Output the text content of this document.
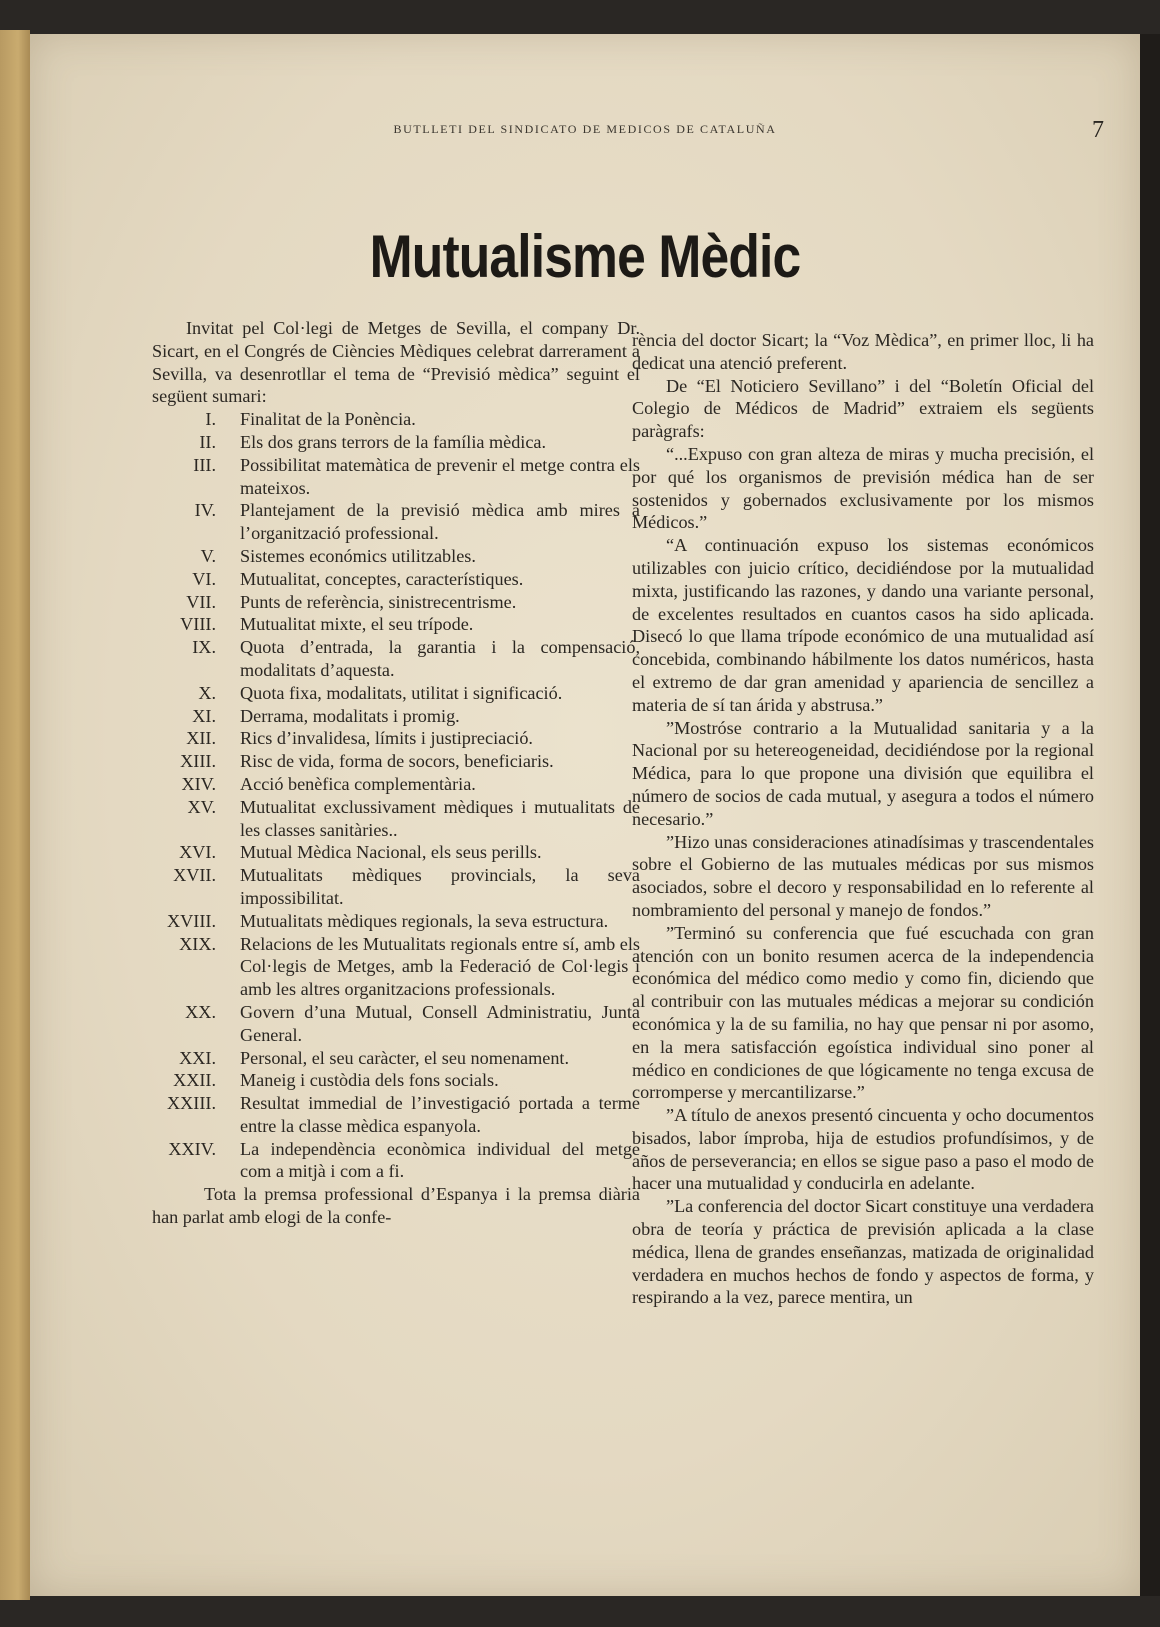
BUTLLETI DEL SINDICATO DE MEDICOS DE CATALUÑA	7
Mutualisme Mèdic

Invitat pel Col·legi de Metges de Sevilla, el company Dr. Sicart, en el Congrés de Ciències Mèdiques celebrat darrerament a Sevilla, va desenrotllar el tema de “Previsió mèdica” seguint el següent sumari:

I.	Finalitat de la Ponència.
II.	Els dos grans terrors de la família mèdica.
III.	Possibilitat matemàtica de prevenir el metge contra els mateixos.
IV.	Plantejament de la previsió mèdica amb mires a l’organització professional.
V.	Sistemes económics utilitzables.
VI.	Mutualitat, conceptes, característiques.
VII.	Punts de referència, sinistrecentrisme.
VIII.	Mutualitat mixte, el seu trípode.
IX.	Quota d’entrada, la garantia i la compensació, modalitats d’aquesta.
X.	Quota fixa, modalitats, utilitat i significació.
XI.	Derrama, modalitats i promig.
XII.	Rics d’invalidesa, límits i justipreciació.
XIII.	Risc de vida, forma de socors, beneficiaris.
XIV.	Acció benèfica complementària.
XV.	Mutualitat exclussivament mèdiques i mutualitats de les classes sanitàries..
XVI.	Mutual Mèdica Nacional, els seus perills.
XVII.	Mutualitats mèdiques provincials, la seva impossibilitat.
XVIII.	Mutualitats mèdiques regionals, la seva estructura.
XIX.	Relacions de les Mutualitats regionals entre sí, amb els Col·legis de Metges, amb la Federació de Col·legis i amb les altres organitzacions professionals.
XX.	Govern d’una Mutual, Consell Administratiu, Junta General.
XXI.	Personal, el seu caràcter, el seu nomenament.
XXII.	Maneig i custòdia dels fons socials.
XXIII.	Resultat immedial de l’investigació portada a terme entre la classe mèdica espanyola.
XXIV.	La independència econòmica individual del metge com a mitjà i com a fi.

Tota la premsa professional d’Espanya i la premsa diària han parlat amb elogi de la confe-

rència del doctor Sicart; la “Voz Mèdica”, en primer lloc, li ha dedicat una atenció preferent.

De “El Noticiero Sevillano” i del “Boletín Oficial del Colegio de Médicos de Madrid” extraiem els següents paràgrafs:

“...Expuso con gran alteza de miras y mucha precisión, el por qué los organismos de previsión médica han de ser sostenidos y gobernados exclusivamente por los mismos Médicos.”

“A continuación expuso los sistemas económicos utilizables con juicio crítico, decidiéndose por la mutualidad mixta, justificando las razones, y dando una variante personal, de excelentes resultados en cuantos casos ha sido aplicada. Disecó lo que llama trípode económico de una mutualidad así concebida, combinando hábilmente los datos numéricos, hasta el extremo de dar gran amenidad y apariencia de sencillez a materia de sí tan árida y abstrusa.”

”Mostróse contrario a la Mutualidad sanitaria y a la Nacional por su hetereogeneidad, decidiéndose por la regional Médica, para lo que propone una división que equilibra el número de socios de cada mutual, y asegura a todos el número necesario.”

”Hizo unas consideraciones atinadísimas y trascendentales sobre el Gobierno de las mutuales médicas por sus mismos asociados, sobre el decoro y responsabilidad en lo referente al nombramiento del personal y manejo de fondos.”

”Terminó su conferencia que fué escuchada con gran atención con un bonito resumen acerca de la independencia económica del médico como medio y como fin, diciendo que al contribuir con las mutuales médicas a mejorar su condición económica y la de su familia, no hay que pensar ni por asomo, en la mera satisfacción egoística individual sino poner al médico en condiciones de que lógicamente no tenga excusa de corromperse y mercantilizarse.”

”A título de anexos presentó cincuenta y ocho documentos bisados, labor ímproba, hija de estudios profundísimos, y de años de perseverancia; en ellos se sigue paso a paso el modo de hacer una mutualidad y conducirla en adelante.

”La conferencia del doctor Sicart constituye una verdadera obra de teoría y práctica de previsión aplicada a la clase médica, llena de grandes enseñanzas, matizada de originalidad verdadera en muchos hechos de fondo y aspectos de forma, y respirando a la vez, parece mentira, un
